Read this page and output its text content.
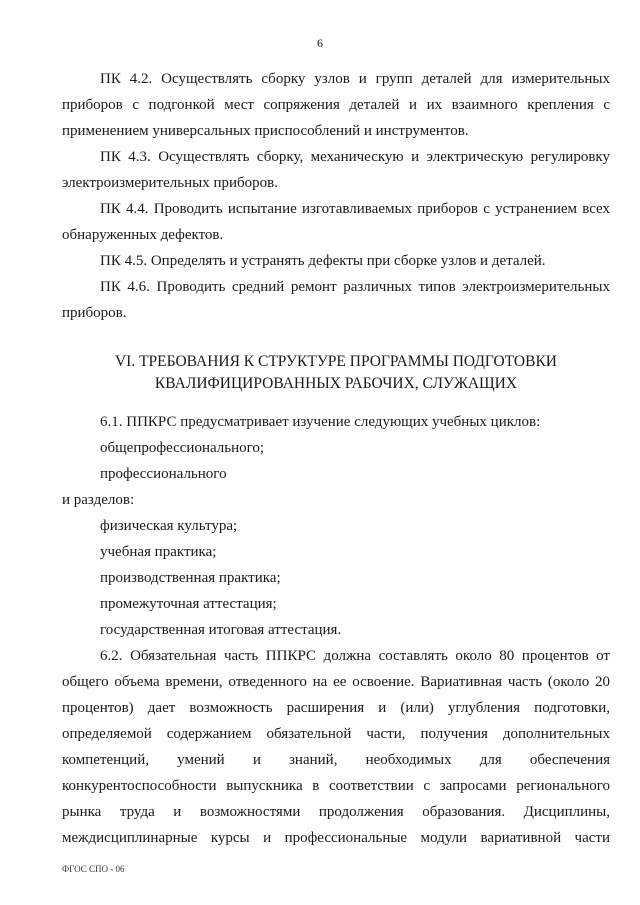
6

ПК 4.2. Осуществлять сборку узлов и групп деталей для измерительных приборов с подгонкой мест сопряжения деталей и их взаимного крепления с применением универсальных приспособлений и инструментов.

ПК 4.3. Осуществлять сборку, механическую и электрическую регулировку электроизмерительных приборов.

ПК 4.4. Проводить испытание изготавливаемых приборов с устранением всех обнаруженных дефектов.

ПК 4.5. Определять и устранять дефекты при сборке узлов и деталей.

ПК 4.6. Проводить средний ремонт различных типов электроизмерительных приборов.

VI. ТРЕБОВАНИЯ К СТРУКТУРЕ ПРОГРАММЫ ПОДГОТОВКИ
КВАЛИФИЦИРОВАННЫХ РАБОЧИХ, СЛУЖАЩИХ

6.1. ППКРС предусматривает изучение следующих учебных циклов:

общепрофессионального;

профессионального

и разделов:

физическая культура;

учебная практика;

производственная практика;

промежуточная аттестация;

государственная итоговая аттестация.

6.2. Обязательная часть ППКРС должна составлять около 80 процентов от общего объема времени, отведенного на ее освоение. Вариативная часть (около 20 процентов) дает возможность расширения и (или) углубления подготовки, определяемой содержанием обязательной части, получения дополнительных компетенций, умений и знаний, необходимых для обеспечения конкурентоспособности выпускника в соответствии с запросами регионального рынка труда и возможностями продолжения образования. Дисциплины, междисциплинарные курсы и профессиональные модули вариативной части

ФГОС СПО - 06
